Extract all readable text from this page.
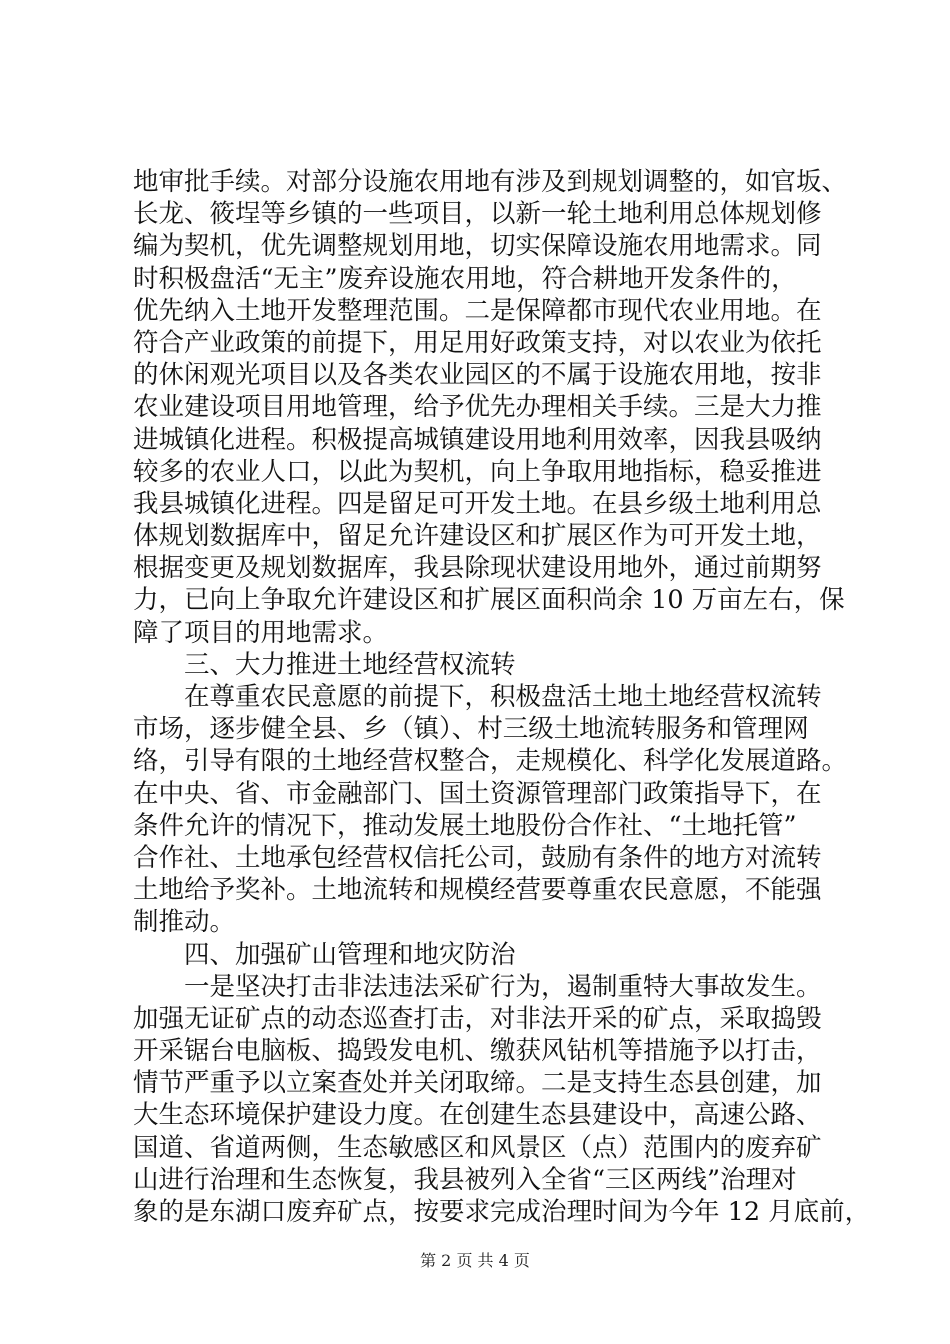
地审批手续。对部分设施农用地有涉及到规划调整的，如官坂、
长龙、筱埕等乡镇的一些项目，以新一轮土地利用总体规划修
编为契机，优先调整规划用地，切实保障设施农用地需求。同
时积极盘活“无主”废弃设施农用地，符合耕地开发条件的，
优先纳入土地开发整理范围。二是保障都市现代农业用地。在
符合产业政策的前提下，用足用好政策支持，对以农业为依托
的休闲观光项目以及各类农业园区的不属于设施农用地，按非
农业建设项目用地管理，给予优先办理相关手续。三是大力推
进城镇化进程。积极提高城镇建设用地利用效率，因我县吸纳
较多的农业人口，以此为契机，向上争取用地指标，稳妥推进
我县城镇化进程。四是留足可开发土地。在县乡级土地利用总
体规划数据库中，留足允许建设区和扩展区作为可开发土地，
根据变更及规划数据库，我县除现状建设用地外，通过前期努
力，已向上争取允许建设区和扩展区面积尚余 10 万亩左右，保
障了项目的用地需求。
　　三、大力推进土地经营权流转
　　在尊重农民意愿的前提下，积极盘活土地土地经营权流转
市场，逐步健全县、乡（镇）、村三级土地流转服务和管理网
络，引导有限的土地经营权整合，走规模化、科学化发展道路。
在中央、省、市金融部门、国土资源管理部门政策指导下，在
条件允许的情况下，推动发展土地股份合作社、“土地托管”
合作社、土地承包经营权信托公司，鼓励有条件的地方对流转
土地给予奖补。土地流转和规模经营要尊重农民意愿，不能强
制推动。
　　四、加强矿山管理和地灾防治
　　一是坚决打击非法违法采矿行为，遏制重特大事故发生。
加强无证矿点的动态巡查打击，对非法开采的矿点，采取捣毁
开采锯台电脑板、捣毁发电机、缴获风钻机等措施予以打击，
情节严重予以立案查处并关闭取缔。二是支持生态县创建，加
大生态环境保护建设力度。在创建生态县建设中，高速公路、
国道、省道两侧，生态敏感区和风景区（点）范围内的废弃矿
山进行治理和生态恢复，我县被列入全省“三区两线”治理对
象的是东湖口废弃矿点，按要求完成治理时间为今年 12 月底前，
第 2 页 共 4 页
